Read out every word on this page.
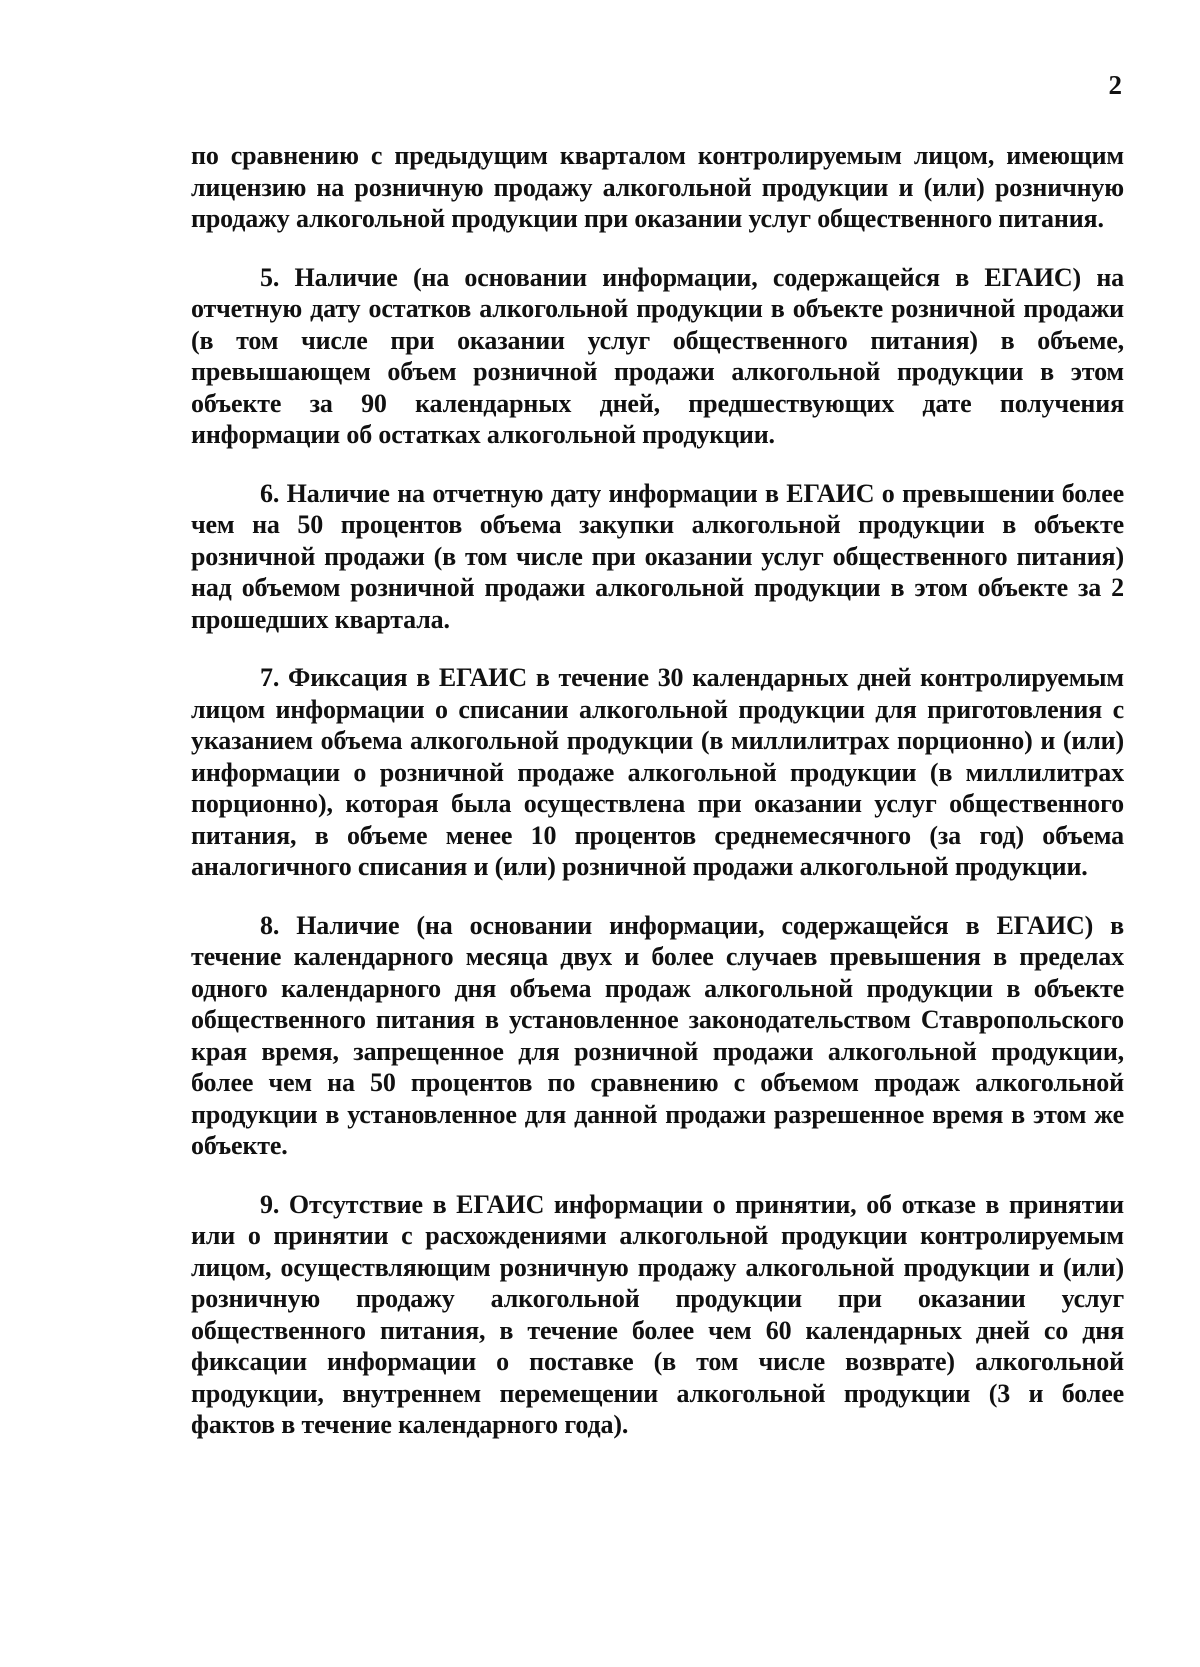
2

по сравнению с предыдущим кварталом контролируемым лицом, имеющим лицензию на розничную продажу алкогольной продукции и (или) розничную продажу алкогольной продукции при оказании услуг общественного питания.

5. Наличие (на основании информации, содержащейся в ЕГАИС) на отчетную дату остатков алкогольной продукции в объекте розничной продажи (в том числе при оказании услуг общественного питания) в объеме, превышающем объем розничной продажи алкогольной продукции в этом объекте за 90 календарных дней, предшествующих дате получения информации об остатках алкогольной продукции.

6. Наличие на отчетную дату информации в ЕГАИС о превышении более чем на 50 процентов объема закупки алкогольной продукции в объекте розничной продажи (в том числе при оказании услуг общественного питания) над объемом розничной продажи алкогольной продукции в этом объекте за 2 прошедших квартала.

7. Фиксация в ЕГАИС в течение 30 календарных дней контролируемым лицом информации о списании алкогольной продукции для приготовления с указанием объема алкогольной продукции (в миллилитрах порционно) и (или) информации о розничной продаже алкогольной продукции (в миллилитрах порционно), которая была осуществлена при оказании услуг общественного питания, в объеме менее 10 процентов среднемесячного (за год) объема аналогичного списания и (или) розничной продажи алкогольной продукции.

8. Наличие (на основании информации, содержащейся в ЕГАИС) в течение календарного месяца двух и более случаев превышения в пределах одного календарного дня объема продаж алкогольной продукции в объекте общественного питания в установленное законодательством Ставропольского края время, запрещенное для розничной продажи алкогольной продукции, более чем на 50 процентов по сравнению с объемом продаж алкогольной продукции в установленное для данной продажи разрешенное время в этом же объекте.

9. Отсутствие в ЕГАИС информации о принятии, об отказе в принятии или о принятии с расхождениями алкогольной продукции контролируемым лицом, осуществляющим розничную продажу алкогольной продукции и (или) розничную продажу алкогольной продукции при оказании услуг общественного питания, в течение более чем 60 календарных дней со дня фиксации информации о поставке (в том числе возврате) алкогольной продукции, внутреннем перемещении алкогольной продукции (3 и более фактов в течение календарного года).
